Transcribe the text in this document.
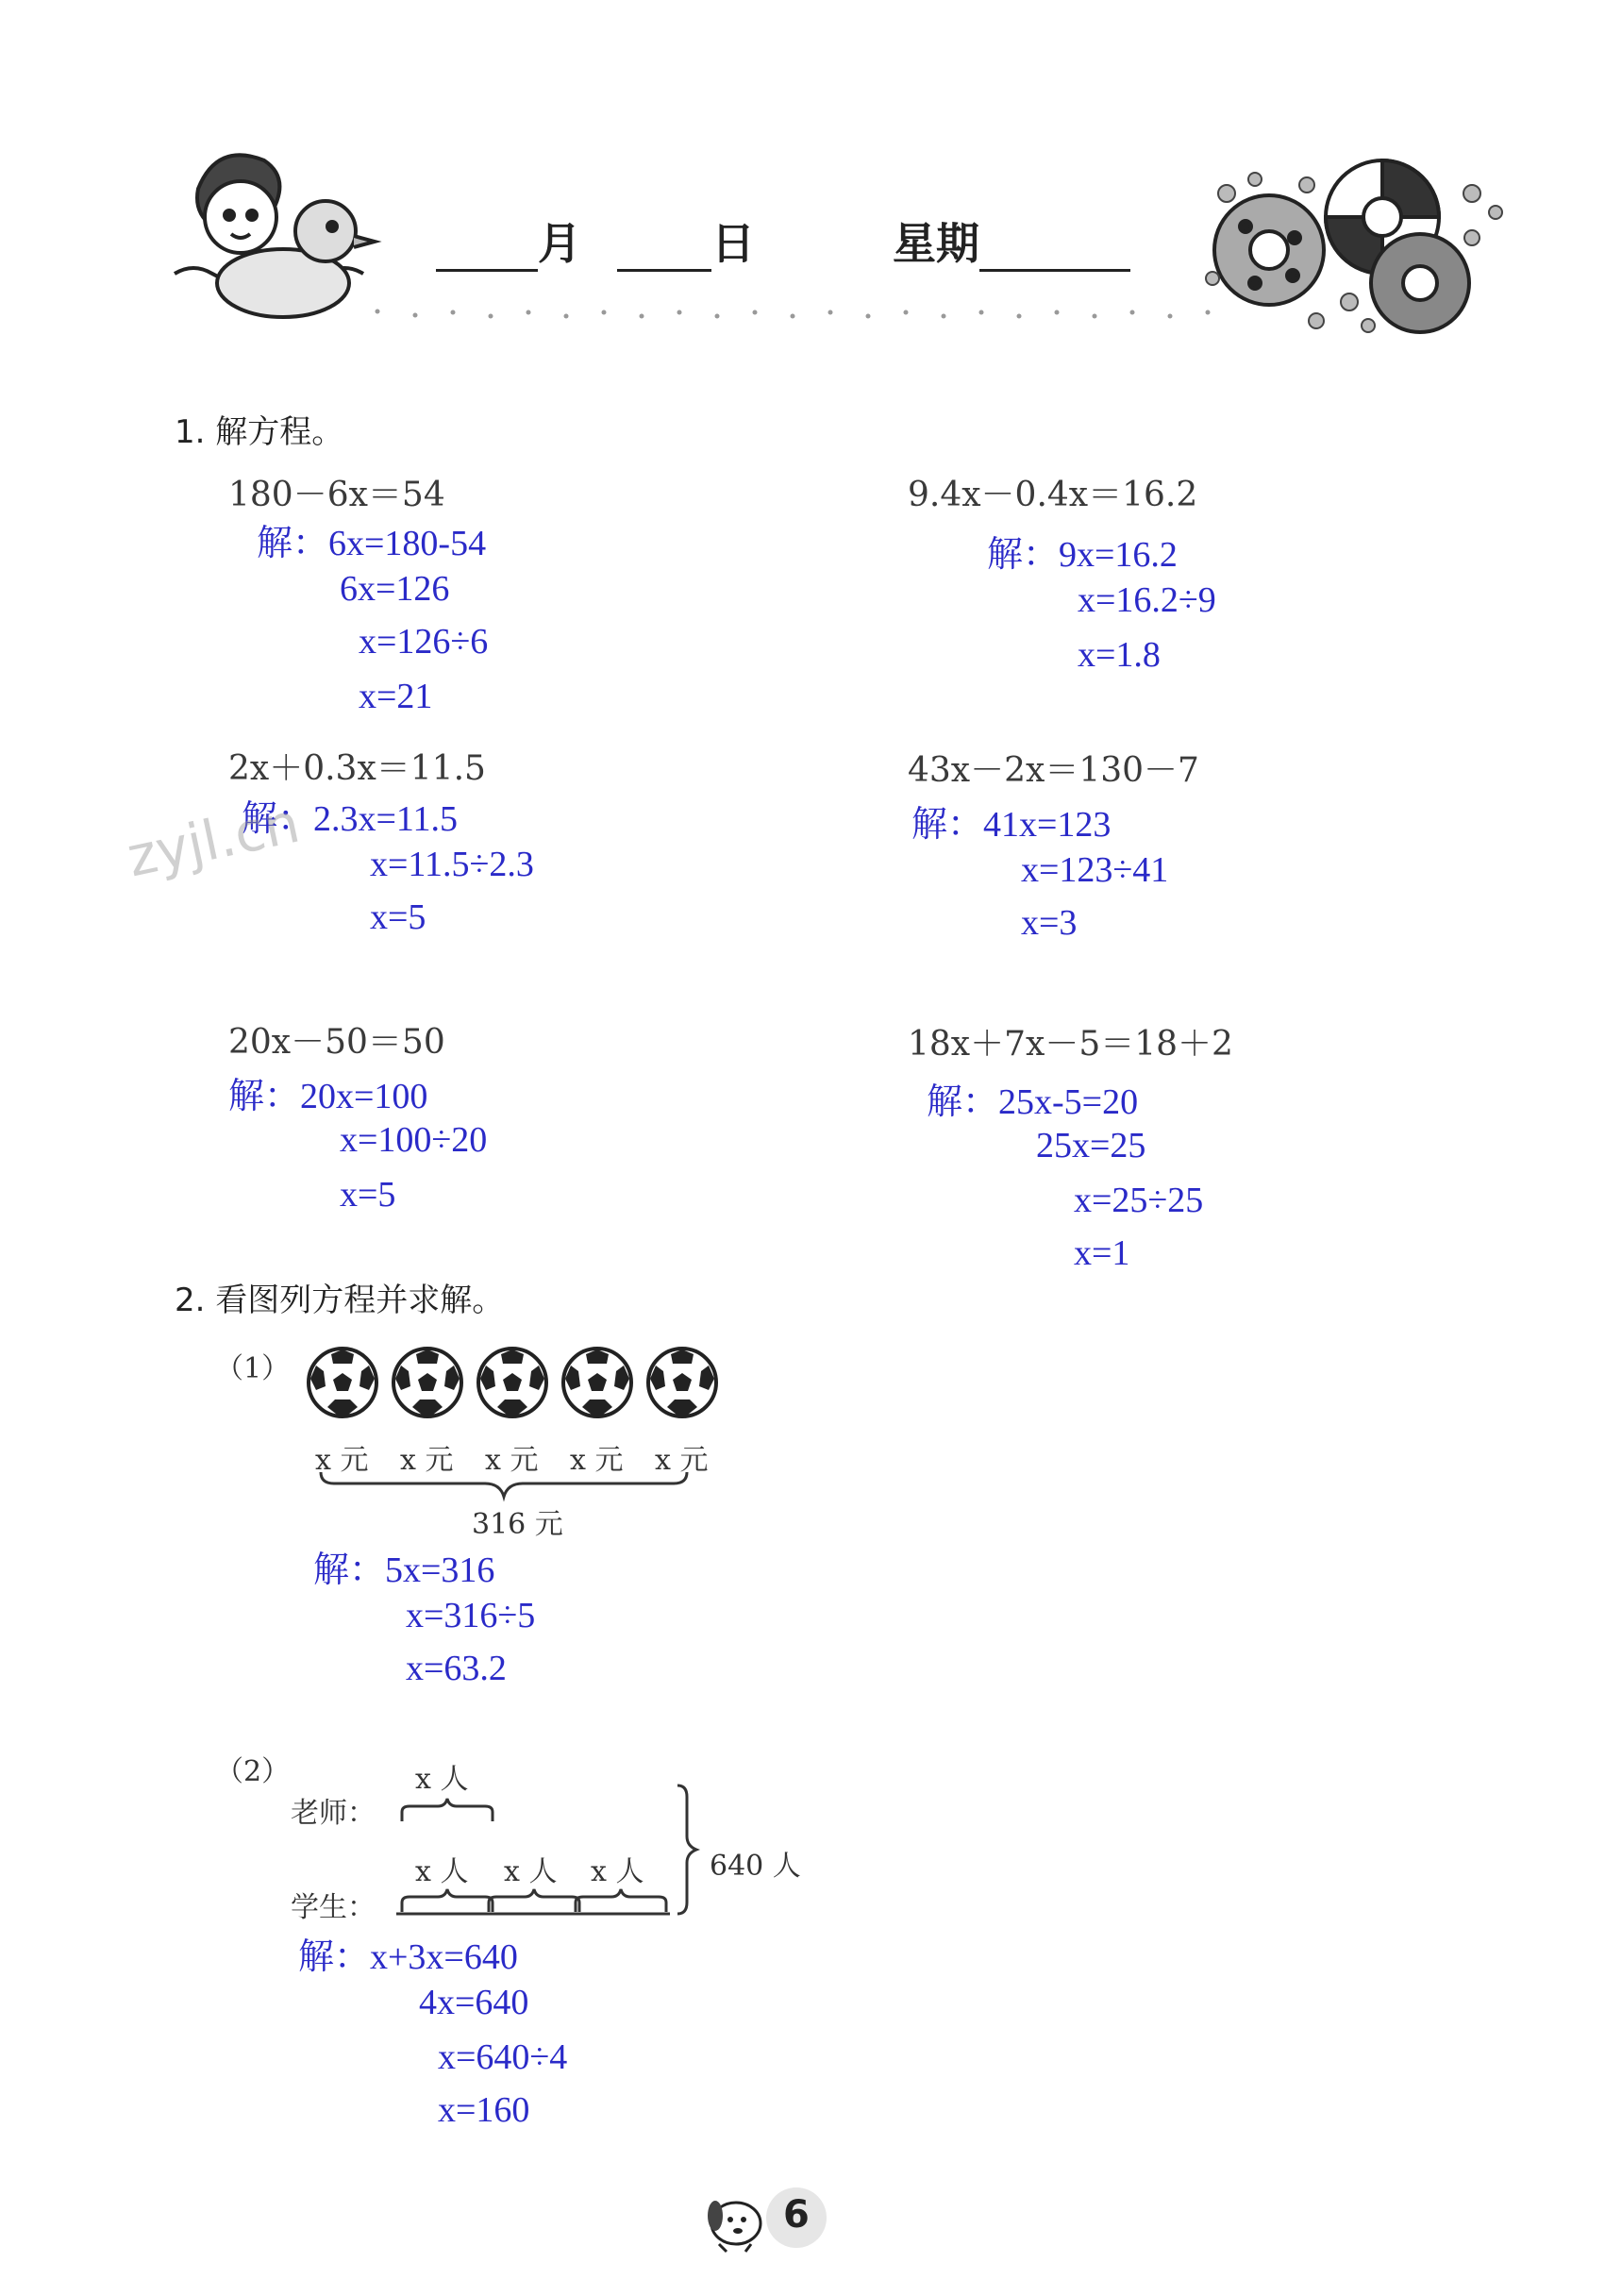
月	日	星期
1. 解方程。
180－6x＝54
解：6x=180-54
6x=126
x=126÷6
x=21
9.4x－0.4x＝16.2
解：9x=16.2
x=16.2÷9
x=1.8
2x＋0.3x＝11.5
解：2.3x=11.5
x=11.5÷2.3
x=5
43x－2x＝130－7
解：41x=123
x=123÷41
x=3
20x－50＝50
解：20x=100
x=100÷20
x=5
18x＋7x－5＝18＋2
解：25x-5=20
25x=25
x=25÷25
x=1
2. 看图列方程并求解。
（1）
x 元 x 元 x 元 x 元 x 元
316 元
解：5x=316
x=316÷5
x=63.2
（2）
老师：
学生：
x 人
x 人 x 人 x 人 640 人
解：x+3x=640
4x=640
x=640÷4
x=160
zyjl.cn
6
